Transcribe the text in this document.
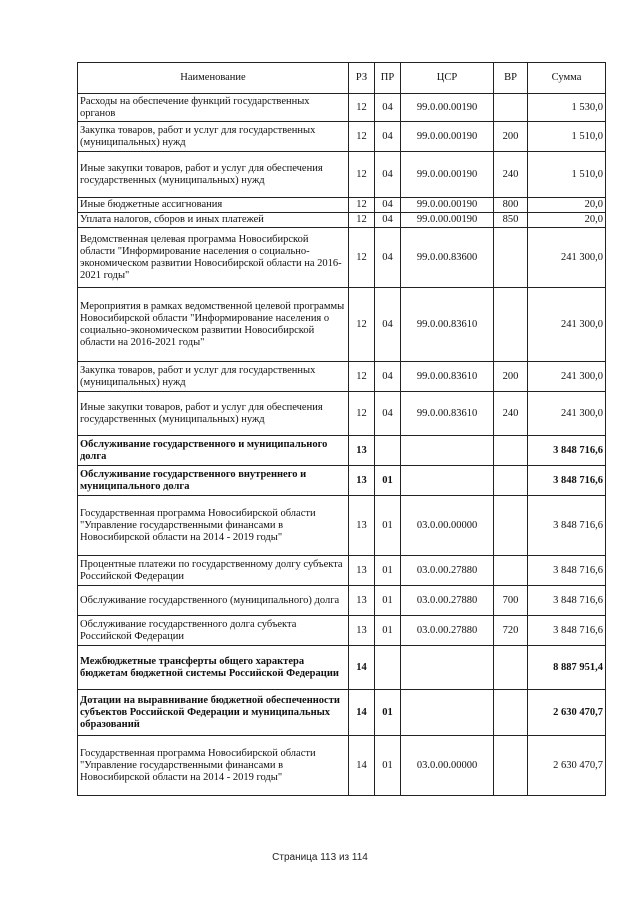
Наименование	РЗ	ПР	ЦСР	ВР	Сумма
Расходы на обеспечение функций государственных органов	12	04	99.0.00.00190		1 530,0
Закупка товаров, работ и услуг для государственных (муниципальных) нужд	12	04	99.0.00.00190	200	1 510,0
Иные закупки товаров, работ и услуг для обеспечения государственных (муниципальных) нужд	12	04	99.0.00.00190	240	1 510,0
Иные бюджетные ассигнования	12	04	99.0.00.00190	800	20,0
Уплата налогов, сборов и иных платежей	12	04	99.0.00.00190	850	20,0
Ведомственная целевая программа Новосибирской области "Информирование населения о социально-экономическом развитии Новосибирской области на 2016-2021 годы"	12	04	99.0.00.83600		241 300,0
Мероприятия в рамках ведомственной целевой программы Новосибирской области "Информирование населения о социально-экономическом развитии Новосибирской области на 2016-2021 годы"	12	04	99.0.00.83610		241 300,0
Закупка товаров, работ и услуг для государственных (муниципальных) нужд	12	04	99.0.00.83610	200	241 300,0
Иные закупки товаров, работ и услуг для обеспечения государственных (муниципальных) нужд	12	04	99.0.00.83610	240	241 300,0
Обслуживание государственного и муниципального долга	13				3 848 716,6
Обслуживание государственного внутреннего и муниципального долга	13	01			3 848 716,6
Государственная программа Новосибирской области "Управление государственными финансами в Новосибирской области на 2014 - 2019 годы"	13	01	03.0.00.00000		3 848 716,6
Процентные платежи по государственному долгу субъекта Российской Федерации	13	01	03.0.00.27880		3 848 716,6
Обслуживание государственного (муниципального) долга	13	01	03.0.00.27880	700	3 848 716,6
Обслуживание государственного долга субъекта Российской Федерации	13	01	03.0.00.27880	720	3 848 716,6
Межбюджетные трансферты общего характера бюджетам бюджетной системы Российской Федерации	14				8 887 951,4
Дотации на выравнивание бюджетной обеспеченности субъектов Российской Федерации и муниципальных образований	14	01			2 630 470,7
Государственная программа Новосибирской области "Управление государственными финансами в Новосибирской области на 2014 - 2019 годы"	14	01	03.0.00.00000		2 630 470,7
Страница 113 из 114
